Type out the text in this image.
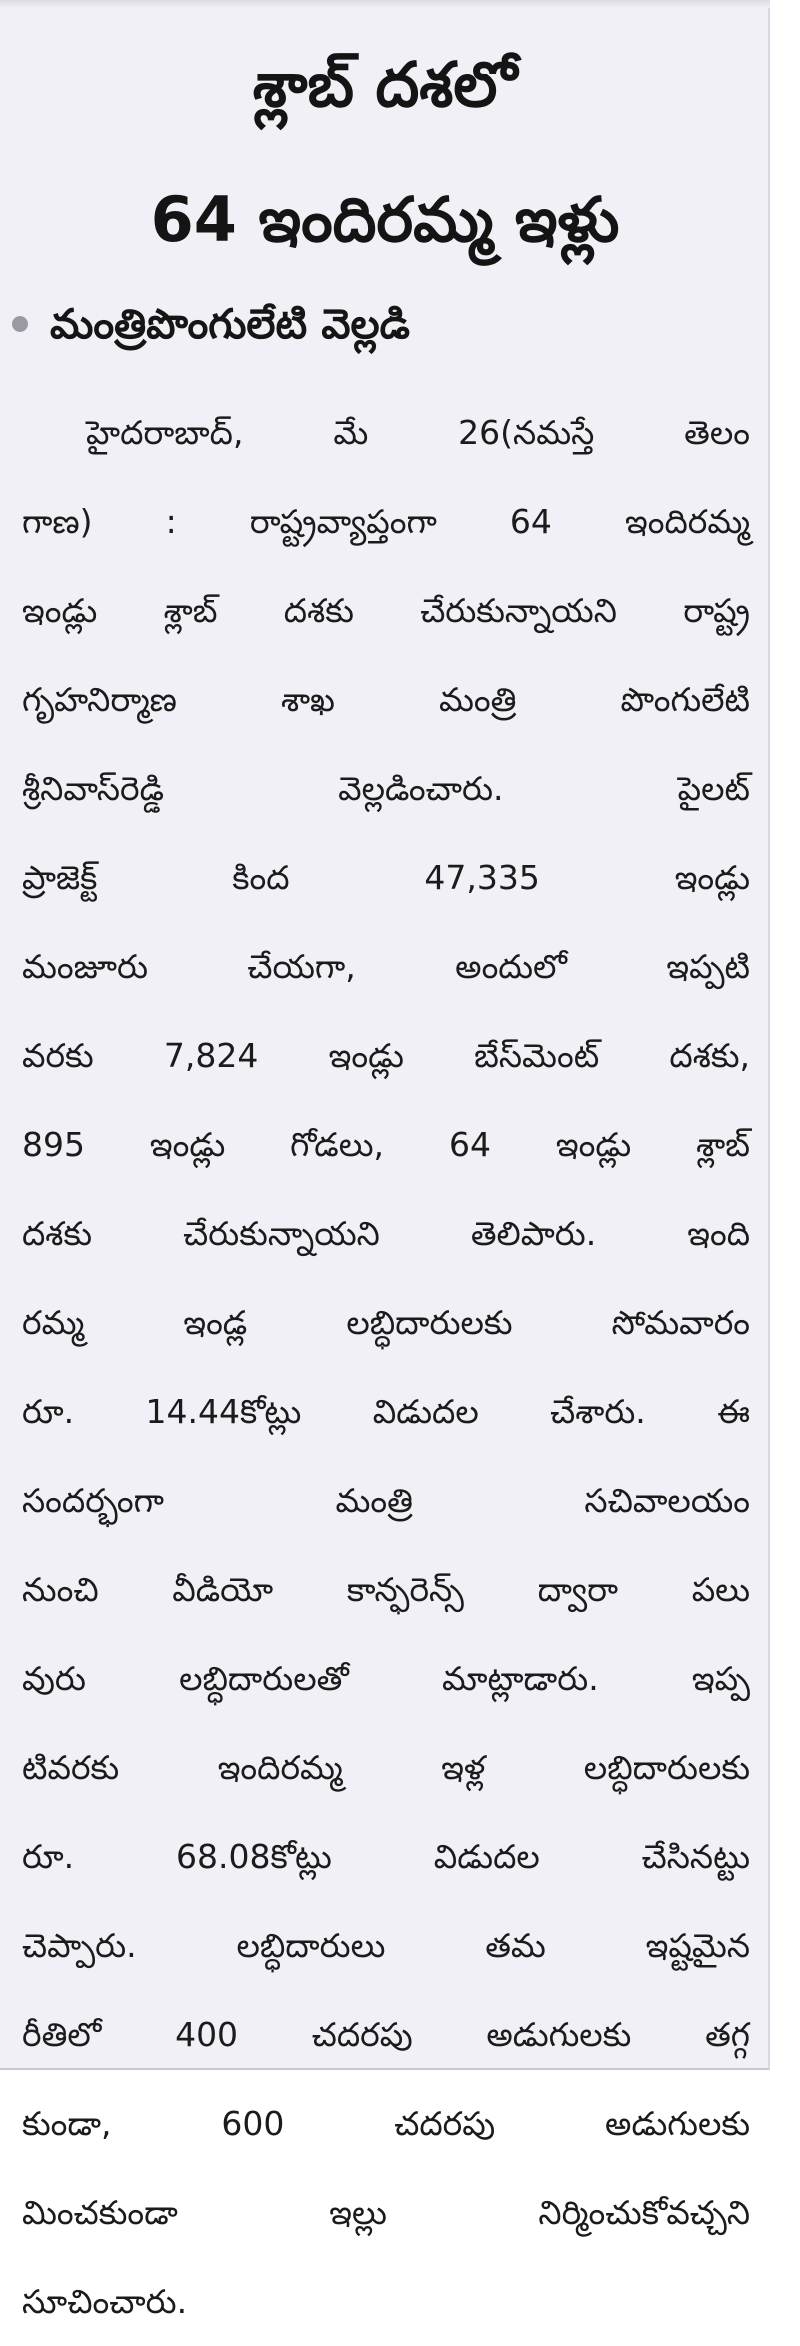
శ్లాబ్ దశలో
64 ఇందిరమ్మ ఇళ్లు
మంత్రిపొంగులేటి వెల్లడి
హైదరాబాద్, మే 26(నమస్తే తెలం
గాణ) : రాష్ట్రవ్యాప్తంగా 64 ఇందిరమ్మ
ఇండ్లు శ్లాబ్ దశకు చేరుకున్నాయని రాష్ట్ర
గృహనిర్మాణ శాఖ మంత్రి పొంగులేటి
శ్రీనివాస్‌రెడ్డి వెల్లడించారు. పైలట్
ప్రాజెక్ట్ కింద 47,335 ఇండ్లు
మంజూరు చేయగా, అందులో ఇప్పటి
వరకు 7,824 ఇండ్లు బేస్‌మెంట్ దశకు,
895 ఇండ్లు గోడలు, 64 ఇండ్లు శ్లాబ్
దశకు చేరుకున్నాయని తెలిపారు. ఇంది
రమ్మ ఇండ్ల లబ్ధిదారులకు సోమవారం
రూ. 14.44కోట్లు విడుదల చేశారు. ఈ
సందర్భంగా మంత్రి సచివాలయం
నుంచి వీడియో కాన్ఫరెన్స్ ద్వారా పలు
వురు లబ్ధిదారులతో మాట్లాడారు. ఇప్ప
టివరకు ఇందిరమ్మ ఇళ్ల లబ్ధిదారులకు
రూ. 68.08కోట్లు విడుదల చేసినట్టు
చెప్పారు. లబ్ధిదారులు తమ ఇష్టమైన
రీతిలో 400 చదరపు అడుగులకు తగ్గ
కుండా, 600 చదరపు అడుగులకు
మించకుండా ఇల్లు నిర్మించుకోవచ్చని
సూచించారు.
